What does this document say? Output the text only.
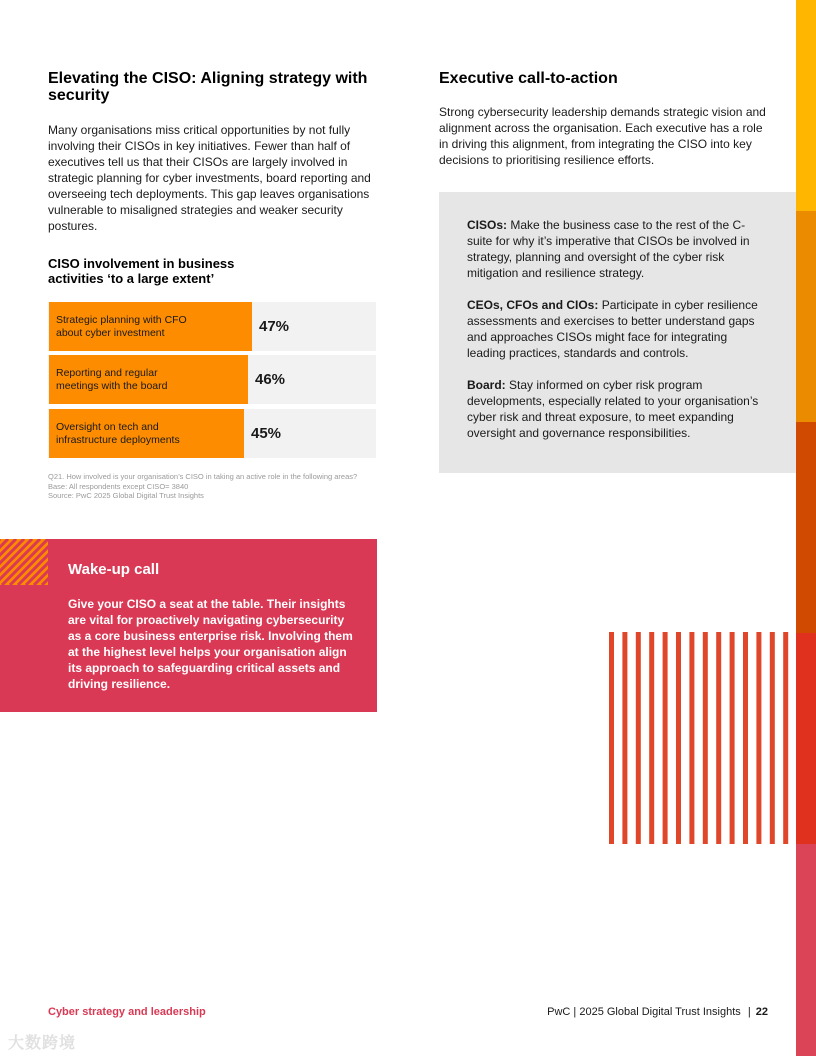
Elevating the CISO: Aligning strategy with security

Many organisations miss critical opportunities by not fully involving their CISOs in key initiatives. Fewer than half of executives tell us that their CISOs are largely involved in strategic planning for cyber investments, board reporting and overseeing tech deployments. This gap leaves organisations vulnerable to misaligned strategies and weaker security postures.

CISO involvement in business activities ‘to a large extent’
Strategic planning with CFO about cyber investment	47%
Reporting and regular meetings with the board	46%
Oversight on tech and infrastructure deployments	45%
Q21. How involved is your organisation’s CISO in taking an active role in the following areas? Base: All respondents except CISO= 3840
Source: PwC 2025 Global Digital Trust Insights
Wake-up call
Give your CISO a seat at the table. Their insights are vital for proactively navigating cybersecurity as a core business enterprise risk. Involving them at the highest level helps your organisation align its approach to safeguarding critical assets and driving resilience.
Executive call-to-action

Strong cybersecurity leadership demands strategic vision and alignment across the organisation. Each executive has a role in driving this alignment, from integrating the CISO into key decisions to prioritising resilience efforts.

CISOs: Make the business case to the rest of the C-suite for why it’s imperative that CISOs be involved in strategy, planning and oversight of the cyber risk mitigation and resilience strategy.

CEOs, CFOs and CIOs: Participate in cyber resilience assessments and exercises to better understand gaps and approaches CISOs might face for integrating leading practices, standards and controls.

Board: Stay informed on cyber risk program developments, especially related to your organisation’s cyber risk and threat exposure, to meet expanding oversight and governance responsibilities.

Cyber strategy and leadership	PwC | 2025 Global Digital Trust Insights | 22
大数跨境
